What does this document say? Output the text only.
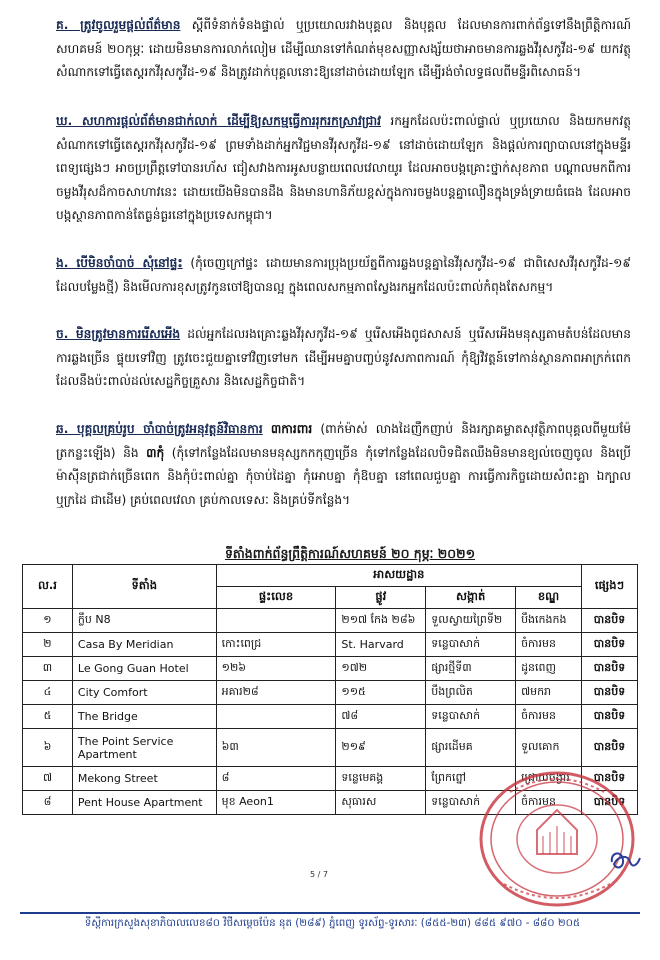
គ. ត្រូវចូលរួមផ្តល់ព័ត៌មាន ស្តីពីទំនាក់ទំនងផ្ទាល់ ឬប្រយោលរវាងបុគ្គល និងបុគ្គល ដែលមានការពាក់ព័ន្ធទៅនឹងព្រឹត្តិការណ៍សហគមន៍ ២០កុម្ភៈ ដោយមិនមានការលាក់លៀម ដើម្បីឈានទៅកំណត់មុខសញ្ញាសង្ស័យថាអាចមានការឆ្លងវីរុសកូវីដ-១៩ យកវត្ថុសំណាកទៅធ្វើតេស្តរកវីរុសកូវីដ-១៩ និងត្រូវដាក់បុគ្គលនោះឱ្យនៅដាច់ដោយឡែក ដើម្បីរង់ចាំលទ្ធផលពីមន្ទីរពិសោធន៍។
ឃ. សហការផ្តល់ព័ត៌មានជាក់លាក់ ដើម្បីឱ្យសកម្មធ្វើការរុករកស្រាវជ្រាវ រកអ្នកដែលប៉ះពាល់ផ្ទាល់ ឬប្រយោល និងយកមកវត្ថុសំណាកទៅធ្វើតេស្តរកវីរុសកូវីដ-១៩ ព្រមទាំងដាក់អ្នកវិជ្ជមានវីរុសកូវីដ-១៩ នៅដាច់ដោយឡែក និងផ្តល់ការព្យាបាលនៅក្នុងមន្ទីរពេទ្យផ្សេងៗ អាចប្រព្រឹត្តទៅបានរហ័ស ជៀសវាងការអូសបន្លាយពេលវេលាយូរ ដែលអាចបង្កគ្រោះថ្នាក់សុខភាព បណ្តាលមកពីការចម្លងវីរុសដ៏កាចសាហាវនេះ ដោយយើងមិនបានដឹង និងមានហានិភ័យខ្ពស់ក្នុងការចម្លងបន្តគ្នាលឿនក្នុងទ្រង់ទ្រាយធំធេង ដែលអាចបង្កស្ថានភាពកាន់តែធ្ងន់ធ្ងរនៅក្នុងប្រទេសកម្ពុជា។
ង. បើមិនចាំបាច់ សុំនៅផ្ទះ (កុំចេញក្រៅផ្ទះ ដោយមានការប្រុងប្រយ័ត្នពីការឆ្លងបន្តគ្នានៃវីរុសកូវីដ-១៩ ជាពិសេសវីរុសកូវីដ-១៩ ដែលបម្លែងថ្មី) និងមើលការខុសត្រូវកូនចៅឱ្យបានល្អ ក្នុងពេលសកម្មភាពស្វែងរកអ្នកដែលប៉ះពាល់កំពុងតែសកម្ម។
ច. មិនត្រូវមានការរើសអើង ដល់អ្នកដែលរងគ្រោះឆ្លងវីរុសកូវីដ-១៩ ឬរើសអើងពូជសាសន៍ ឬរើសអើងមនុស្សតាមតំបន់ដែលមានការឆ្លងច្រើន ផ្ទុយទៅវិញ ត្រូវចេះជួយគ្នាទៅវិញទៅមក ដើម្បីអមគ្នាបញ្ចប់នូវសភាពការណ៍ កុំឱ្យវិវត្តន៍ទៅកាន់ស្ថានភាពអាក្រក់ពេក ដែលនឹងប៉ះពាល់ដល់សេដ្ឋកិច្ចគ្រួសារ និងសេដ្ឋកិច្ចជាតិ។
ឆ. បុគ្គលគ្រប់រូប ចាំបាច់ត្រូវអនុវត្តន៍វិធានការ ៣ការពារ (ពាក់ម៉ាស់ លាងដៃញឹកញាប់ និងរក្សាគម្លាតសុវត្ថិភាពបុគ្គលពីមួយម៉ែត្រកន្លះឡើង) និង ៣កុំ (កុំទៅកន្លែងដែលមានមនុស្សកកកុញច្រើន កុំទៅកន្លែងដែលបិទជិតឈឹងមិនមានខ្យល់ចេញចូល និងប្រើម៉ាស៊ីនត្រជាក់ច្រើនពេក និងកុំប៉ះពាល់គ្នា កុំចាប់ដៃគ្នា កុំអោបគ្នា កុំឱបគ្នា នៅពេលជួបគ្នា ការធ្វើការកិច្ចដោយសំពះគ្នា ឯក្បាល ឬក្រដៃ ជាដើម) គ្រប់ពេលវេលា គ្រប់កាលទេសៈ និងគ្រប់ទីកន្លែង។
ទីតាំងពាក់ព័ន្ធព្រឹត្តិការណ៍សហគមន៍ ២០ កុម្ភៈ ២០២១
ល.រ	ទីតាំង	អាសយដ្ឋាន				ផ្សេងៗ
		ផ្ទះលេខ	ផ្លូវ	សង្កាត់	ខណ្ឌ	
១	ក្លឹប N8		២១៧ កែង ២៨៦	ទួលស្វាយព្រៃទី២	បឹងកេងកង	បានបិទ
២	Casa By Meridian	កោះពេជ្រ	St. Harvard	ទន្លេបាសាក់	ចំការមន	បានបិទ
៣	Le Gong Guan Hotel	១២៦	១៧២	ផ្សារថ្មីទី៣	ដូនពេញ	បានបិទ
៤	City Comfort	អគារ២៨	១១៥	បឹងព្រលិត	៧មករា	បានបិទ
៥	The Bridge		៧៨	ទន្លេបាសាក់	ចំការមន	បានបិទ
៦	The Point Service Apartment	៦៣	២១៩	ផ្សារដើមគ	ទួលគោក	បានបិទ
៧	Mekong Street	៨	ទន្លេមេគង្គ	ព្រែកព្នៅ	ជ្រោយចង្វារ	បានបិទ
៨	Pent House Apartment	មុខ Aeon1	សុធារស	ទន្លេបាសាក់	ចំការមន	បានបិទ
5 / 7
ទីស្តីការក្រសួងសុខាភិបាលលេខ៨០ វិថីសម្តេចប៉ែន នុត (២៨៩) ភ្នំពេញ ទូរស័ព្ទ-ទូរសារៈ (៨៥៥-២៣) ៨៨៥ ៩៧០ - ៨៨០ ២០៥
